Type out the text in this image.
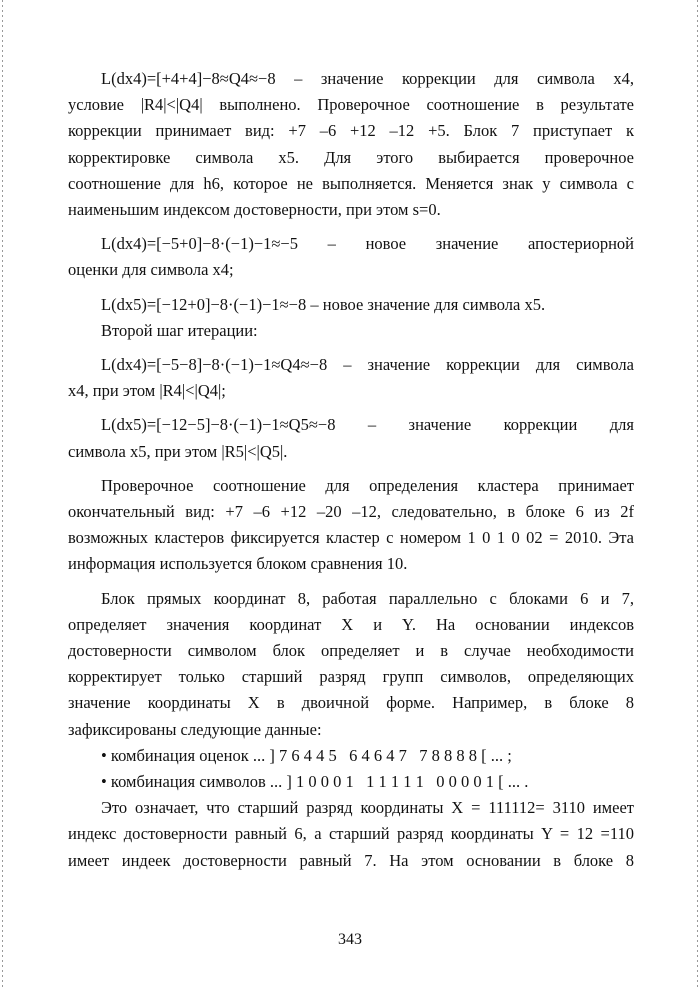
L(dx4)=[+4+4]−8≈Q4≈−8 – значение коррекции для символа x4,

условие |R4|<|Q4| выполнено. Проверочное соотношение в результате

коррекции принимает вид: +7 –6 +12 –12 +5. Блок 7 приступает к

корректировке символа x5. Для этого выбирается проверочное

соотношение для h6, которое не выполняется. Меняется знак у символа с

наименьшим индексом достоверности, при этом s=0.

L(dx4)=[−5+0]−8·(−1)−1≈−5 – новое значение апостериорной

оценки для символа x4;

L(dx5)=[−12+0]−8·(−1)−1≈−8 – новое значение для символа x5.

Второй шаг итерации:

L(dx4)=[−5−8]−8·(−1)−1≈Q4≈−8 – значение коррекции для символа

x4, при этом |R4|<|Q4|;

L(dx5)=[−12−5]−8·(−1)−1≈Q5≈−8 – значение коррекции для

символа x5, при этом |R5|<|Q5|.

Проверочное соотношение для определения кластера принимает

окончательный вид: +7 –6 +12 –20 –12, следовательно, в блоке 6 из 2f

возможных кластеров фиксируется кластер с номером 1 0 1 0 02 = 2010. Эта

информация используется блоком сравнения 10.

Блок прямых координат 8, работая параллельно с блоками 6 и 7,

определяет значения координат X и Y. На основании индексов

достоверности символом блок определяет и в случае необходимости

корректирует только старший разряд групп символов, определяющих

значение координаты X в двоичной форме. Например, в блоке 8

зафиксированы следующие данные:

• комбинация оценок ... ] 7 6 4 4 5   6 4 6 4 7   7 8 8 8 8 [ ... ;

• комбинация символов ... ] 1 0 0 0 1   1 1 1 1 1   0 0 0 0 1 [ ... .

Это означает, что старший разряд координаты X = 111112= 3110 имеет

индекс достоверности равный 6, а старший разряд координаты Y = 12 =110

имеет индеек достоверности равный 7. На этом основании в блоке 8

343
